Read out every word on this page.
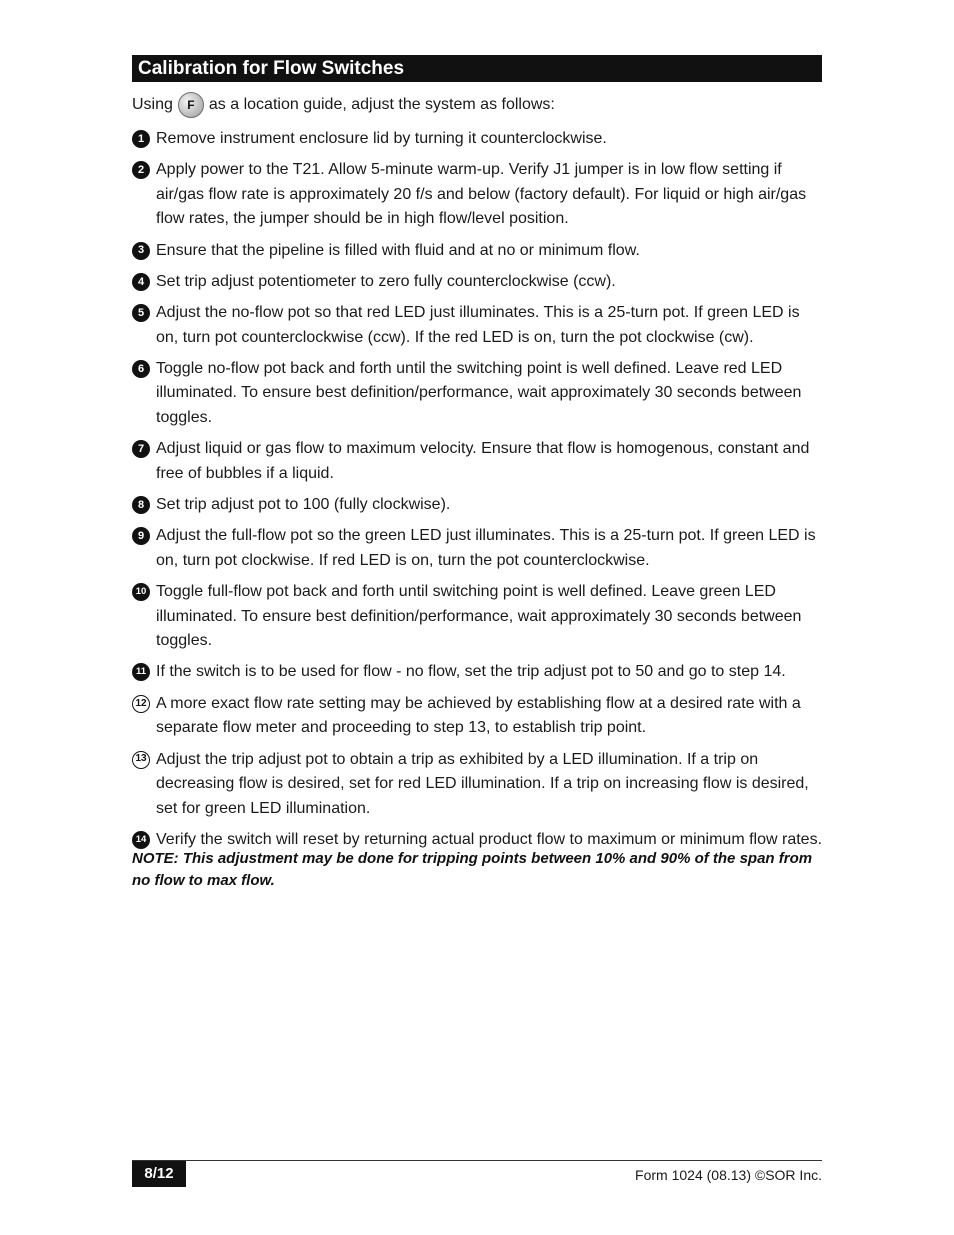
Calibration for Flow Switches
Using	F as a location guide, adjust the system as follows:
1 Remove instrument enclosure lid by turning it counterclockwise.
2 Apply power to the T21. Allow 5-minute warm-up. Verify J1 jumper is in low flow setting if air/gas flow rate is approximately 20 f/s and below (factory default). For liquid or high air/gas flow rates, the jumper should be in high flow/level position.
3 Ensure that the pipeline is filled with fluid and at no or minimum flow.
4 Set trip adjust potentiometer to zero fully counterclockwise (ccw).
5 Adjust the no-flow pot so that red LED just illuminates. This is a 25-turn pot. If green LED is on, turn pot counterclockwise (ccw). If the red LED is on, turn the pot clockwise (cw).
6 Toggle no-flow pot back and forth until the switching point is well defined. Leave red LED illuminated. To ensure best definition/performance, wait approximately 30 seconds between toggles.
7 Adjust liquid or gas flow to maximum velocity. Ensure that flow is homogenous, constant and free of bubbles if a liquid.
8 Set trip adjust pot to 100 (fully clockwise).
9 Adjust the full-flow pot so the green LED just illuminates. This is a 25-turn pot. If green LED is on, turn pot clockwise. If red LED is on, turn the pot counterclockwise.
10 Toggle full-flow pot back and forth until switching point is well defined. Leave green LED illuminated. To ensure best definition/performance, wait approximately 30 seconds between toggles.
11 If the switch is to be used for flow - no flow, set the trip adjust pot to 50 and go to step 14.
12 A more exact flow rate setting may be achieved by establishing flow at a desired rate with a separate flow meter and proceeding to step 13, to establish trip point.
13 Adjust the trip adjust pot to obtain a trip as exhibited by a LED illumination. If a trip on decreasing flow is desired, set for red LED illumination. If a trip on increasing flow is desired, set for green LED illumination.
14 Verify the switch will reset by returning actual product flow to maximum or minimum flow rates.
NOTE: This adjustment may be done for tripping points between 10% and 90% of the span from no flow to max flow.
8/12	Form 1024 (08.13) ©SOR Inc.
